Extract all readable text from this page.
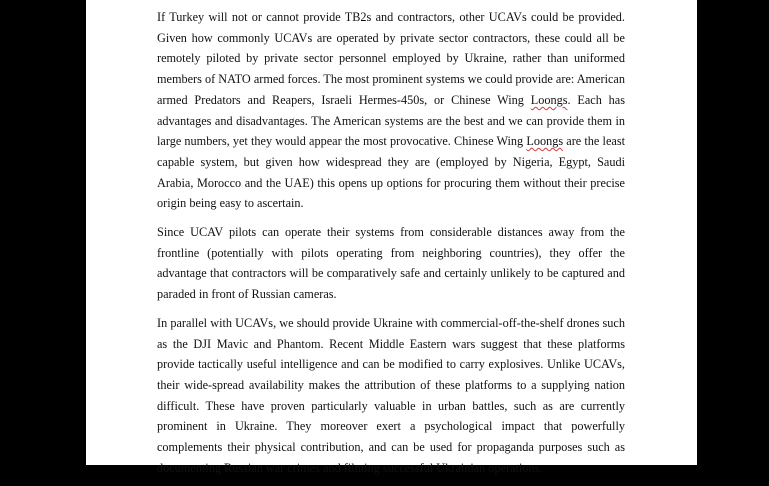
If Turkey will not or cannot provide TB2s and contractors, other UCAVs could be provided. Given how commonly UCAVs are operated by private sector contractors, these could all be remotely piloted by private sector personnel employed by Ukraine, rather than uniformed members of NATO armed forces. The most prominent systems we could provide are: American armed Predators and Reapers, Israeli Hermes-450s, or Chinese Wing Loongs. Each has advantages and disadvantages. The American systems are the best and we can provide them in large numbers, yet they would appear the most provocative. Chinese Wing Loongs are the least capable system, but given how widespread they are (employed by Nigeria, Egypt, Saudi Arabia, Morocco and the UAE) this opens up options for procuring them without their precise origin being easy to ascertain.

Since UCAV pilots can operate their systems from considerable distances away from the frontline (potentially with pilots operating from neighboring countries), they offer the advantage that contractors will be comparatively safe and certainly unlikely to be captured and paraded in front of Russian cameras.

In parallel with UCAVs, we should provide Ukraine with commercial-off-the-shelf drones such as the DJI Mavic and Phantom. Recent Middle Eastern wars suggest that these platforms provide tactically useful intelligence and can be modified to carry explosives. Unlike UCAVs, their wide-spread availability makes the attribution of these platforms to a supplying nation difficult. These have proven particularly valuable in urban battles, such as are currently prominent in Ukraine. They moreover exert a psychological impact that powerfully complements their physical contribution, and can be used for propaganda purposes such as documenting Russian war crimes and filming successful Ukrainian operations.
